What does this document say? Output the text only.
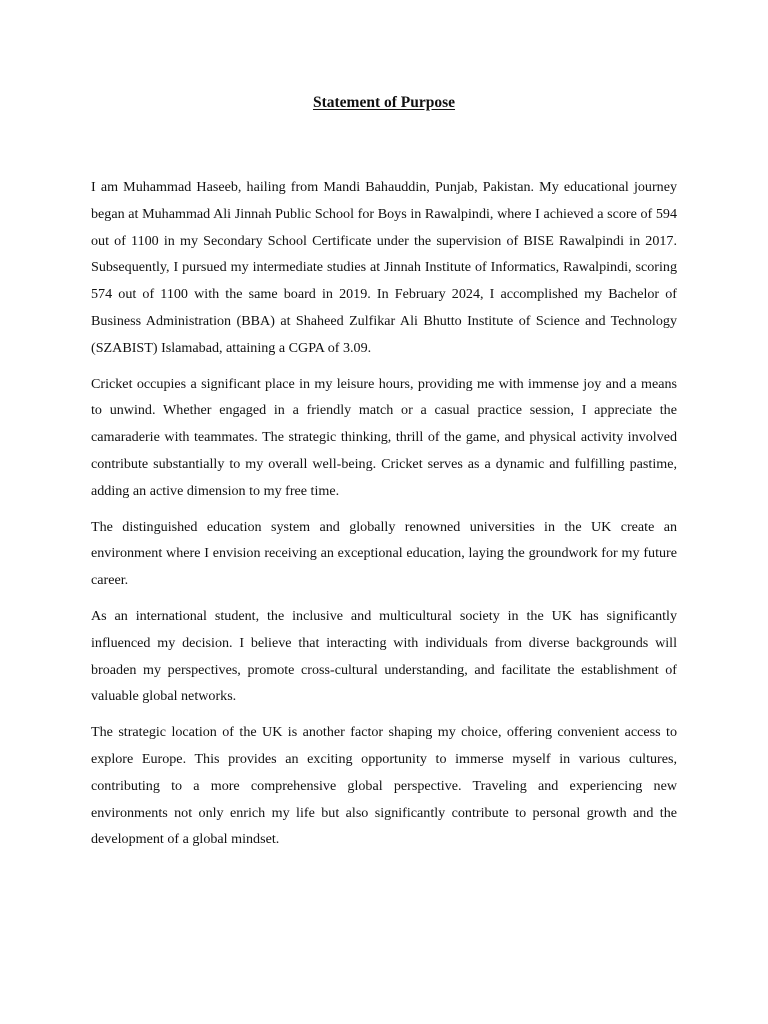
Statement of Purpose

I am Muhammad Haseeb, hailing from Mandi Bahauddin, Punjab, Pakistan. My educational journey began at Muhammad Ali Jinnah Public School for Boys in Rawalpindi, where I achieved a score of 594 out of 1100 in my Secondary School Certificate under the supervision of BISE Rawalpindi in 2017. Subsequently, I pursued my intermediate studies at Jinnah Institute of Informatics, Rawalpindi, scoring 574 out of 1100 with the same board in 2019. In February 2024, I accomplished my Bachelor of Business Administration (BBA) at Shaheed Zulfikar Ali Bhutto Institute of Science and Technology (SZABIST) Islamabad, attaining a CGPA of 3.09.

Cricket occupies a significant place in my leisure hours, providing me with immense joy and a means to unwind. Whether engaged in a friendly match or a casual practice session, I appreciate the camaraderie with teammates. The strategic thinking, thrill of the game, and physical activity involved contribute substantially to my overall well-being. Cricket serves as a dynamic and fulfilling pastime, adding an active dimension to my free time.

The distinguished education system and globally renowned universities in the UK create an environment where I envision receiving an exceptional education, laying the groundwork for my future career.

As an international student, the inclusive and multicultural society in the UK has significantly influenced my decision. I believe that interacting with individuals from diverse backgrounds will broaden my perspectives, promote cross-cultural understanding, and facilitate the establishment of valuable global networks.

The strategic location of the UK is another factor shaping my choice, offering convenient access to explore Europe. This provides an exciting opportunity to immerse myself in various cultures, contributing to a more comprehensive global perspective. Traveling and experiencing new environments not only enrich my life but also significantly contribute to personal growth and the development of a global mindset.
